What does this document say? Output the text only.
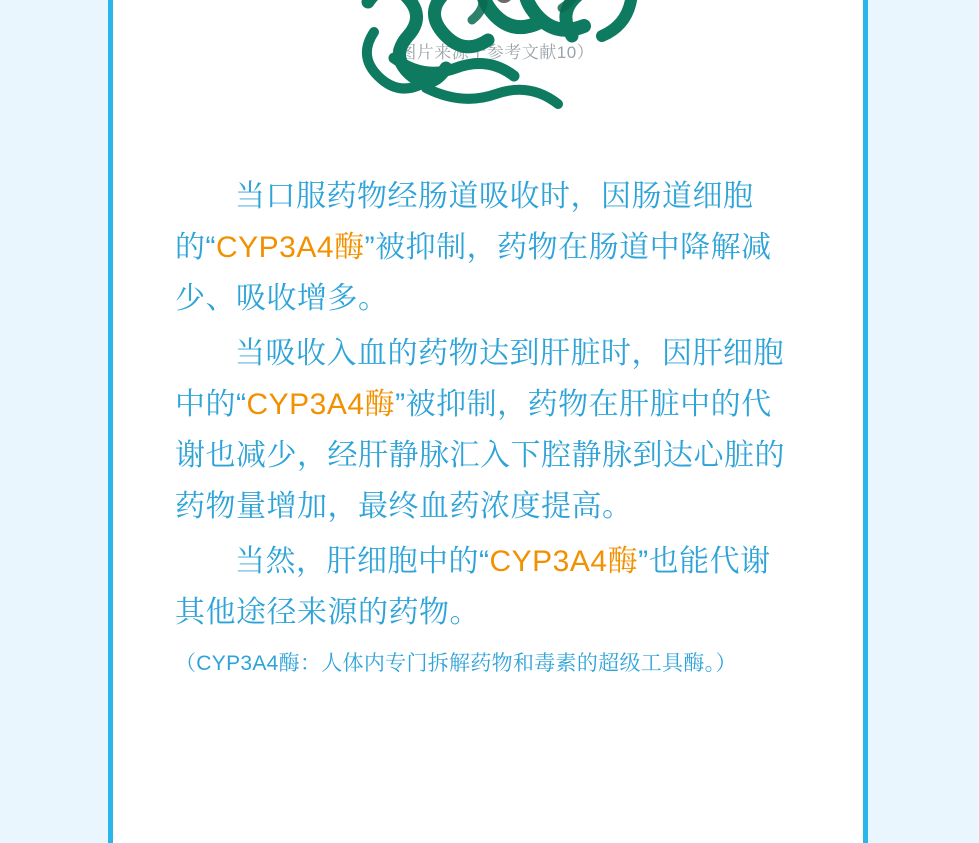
（图片来源于参考文献10）

当口服药物经肠道吸收时，因肠道细胞的“CYP3A4酶”被抑制，药物在肠道中降解减少、吸收增多。

当吸收入血的药物达到肝脏时，因肝细胞中的“CYP3A4酶”被抑制，药物在肝脏中的代谢也减少，经肝静脉汇入下腔静脉到达心脏的药物量增加，最终血药浓度提高。

当然，肝细胞中的“CYP3A4酶”也能代谢其他途径来源的药物。

（CYP3A4酶：人体内专门拆解药物和毒素的超级工具酶。）
